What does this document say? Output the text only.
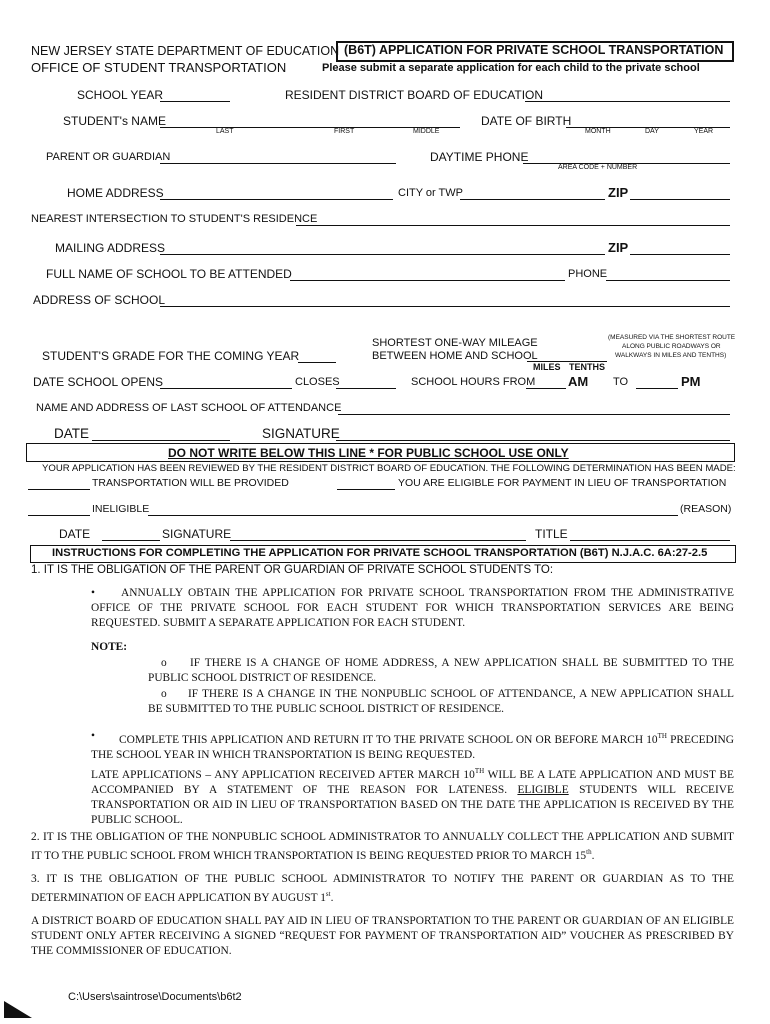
NEW JERSEY STATE DEPARTMENT OF EDUCATION
OFFICE OF STUDENT TRANSPORTATION
(B6T) APPLICATION FOR PRIVATE SCHOOL TRANSPORTATION
Please submit a separate application for each child to the private school
SCHOOL YEAR	RESIDENT DISTRICT BOARD OF EDUCATION
STUDENT's NAME
LAST	FIRST	MIDDLE
DATE OF BIRTH
MONTH	DAY	YEAR
PARENT OR GUARDIAN	DAYTIME PHONE
AREA CODE + NUMBER
HOME ADDRESS	CITY or TWP	ZIP
NEAREST INTERSECTION TO STUDENT'S RESIDENCE
MAILING ADDRESS	ZIP
FULL NAME OF SCHOOL TO BE ATTENDED	PHONE
ADDRESS OF SCHOOL
SHORTEST ONE-WAY MILEAGE
BETWEEN HOME AND SCHOOL
(MEASURED VIA THE SHORTEST ROUTE
ALONG PUBLIC ROADWAYS OR
WALKWAYS IN MILES AND TENTHS)
MILES TENTHS
STUDENT'S GRADE FOR THE COMING YEAR
DATE SCHOOL OPENS	CLOSES	SCHOOL HOURS FROM	AM TO	PM
NAME AND ADDRESS OF LAST SCHOOL OF ATTENDANCE
DATE	SIGNATURE
DO NOT WRITE BELOW THIS LINE * FOR PUBLIC SCHOOL USE ONLY
YOUR APPLICATION HAS BEEN REVIEWED BY THE RESIDENT DISTRICT BOARD OF EDUCATION. THE FOLLOWING DETERMINATION HAS BEEN MADE:
TRANSPORTATION WILL BE PROVIDED	YOU ARE ELIGIBLE FOR PAYMENT IN LIEU OF TRANSPORTATION
INELIGIBLE	(REASON)
DATE	SIGNATURE	TITLE
INSTRUCTIONS FOR COMPLETING THE APPLICATION FOR PRIVATE SCHOOL TRANSPORTATION (B6T) N.J.A.C. 6A:27-2.5
1. IT IS THE OBLIGATION OF THE PARENT OR GUARDIAN OF PRIVATE SCHOOL STUDENTS TO:
•	ANNUALLY OBTAIN THE APPLICATION FOR PRIVATE SCHOOL TRANSPORTATION FROM THE ADMINISTRATIVE OFFICE OF THE PRIVATE SCHOOL FOR EACH STUDENT FOR WHICH TRANSPORTATION SERVICES ARE BEING REQUESTED. SUBMIT A SEPARATE APPLICATION FOR EACH STUDENT.
NOTE:
o	IF THERE IS A CHANGE OF HOME ADDRESS, A NEW APPLICATION SHALL BE SUBMITTED TO THE PUBLIC SCHOOL DISTRICT OF RESIDENCE.
o	IF THERE IS A CHANGE IN THE NONPUBLIC SCHOOL OF ATTENDANCE, A NEW APPLICATION SHALL BE SUBMITTED TO THE PUBLIC SCHOOL DISTRICT OF RESIDENCE.
•	COMPLETE THIS APPLICATION AND RETURN IT TO THE PRIVATE SCHOOL ON OR BEFORE MARCH 10TH PRECEDING THE SCHOOL YEAR IN WHICH TRANSPORTATION IS BEING REQUESTED.
LATE APPLICATIONS – ANY APPLICATION RECEIVED AFTER MARCH 10TH WILL BE A LATE APPLICATION AND MUST BE ACCOMPANIED BY A STATEMENT OF THE REASON FOR LATENESS. ELIGIBLE STUDENTS WILL RECEIVE TRANSPORTATION OR AID IN LIEU OF TRANSPORTATION BASED ON THE DATE THE APPLICATION IS RECEIVED BY THE PUBLIC SCHOOL.
2. IT IS THE OBLIGATION OF THE NONPUBLIC SCHOOL ADMINISTRATOR TO ANNUALLY COLLECT THE APPLICATION AND SUBMIT IT TO THE PUBLIC SCHOOL FROM WHICH TRANSPORTATION IS BEING REQUESTED PRIOR TO MARCH 15th.
3. IT IS THE OBLIGATION OF THE PUBLIC SCHOOL ADMINISTRATOR TO NOTIFY THE PARENT OR GUARDIAN AS TO THE DETERMINATION OF EACH APPLICATION BY AUGUST 1st.
A DISTRICT BOARD OF EDUCATION SHALL PAY AID IN LIEU OF TRANSPORTATION TO THE PARENT OR GUARDIAN OF AN ELIGIBLE STUDENT ONLY AFTER RECEIVING A SIGNED “REQUEST FOR PAYMENT OF TRANSPORTATION AID” VOUCHER AS PRESCRIBED BY THE COMMISSIONER OF EDUCATION.
C:\Users\saintrose\Documents\b6t2
